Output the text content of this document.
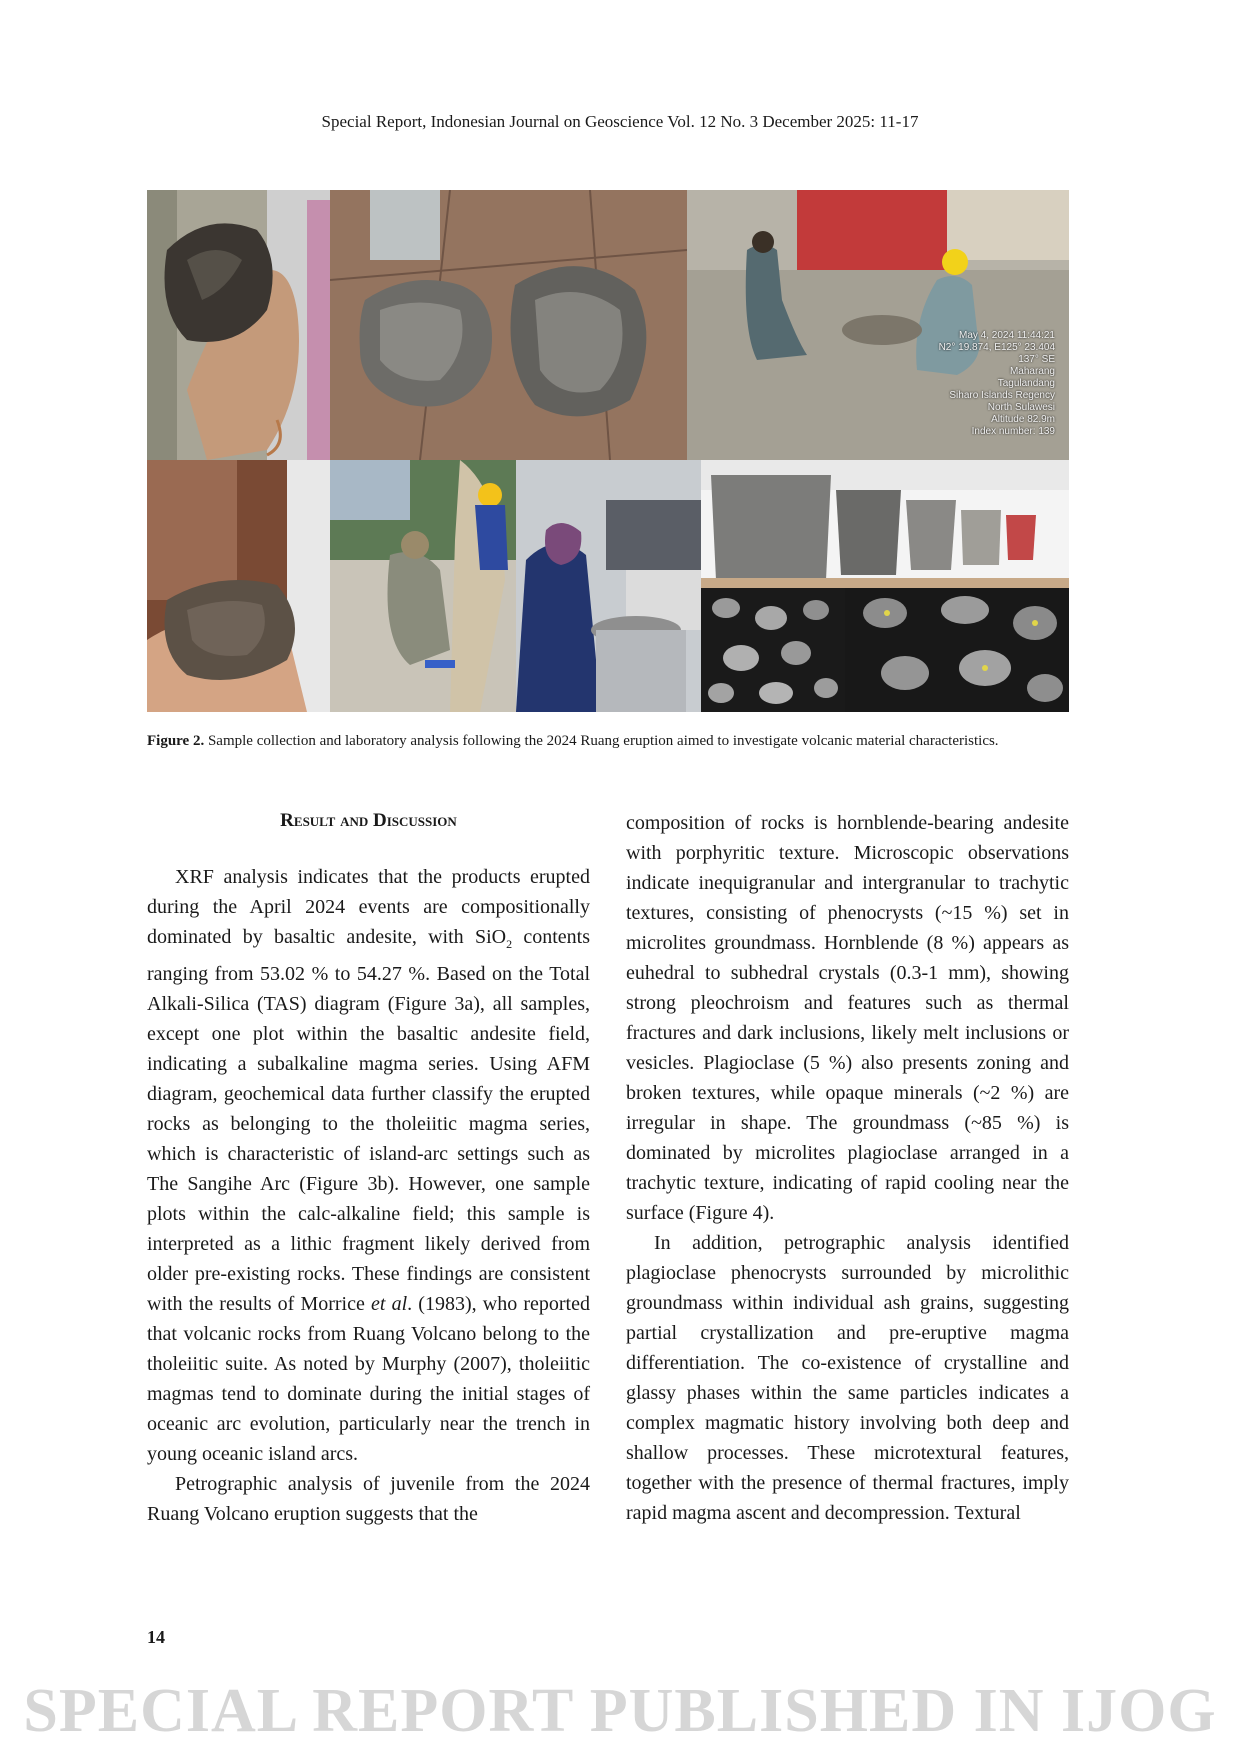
Special Report, Indonesian Journal on Geoscience Vol. 12 No. 3 December 2025: 11-17
May 4, 2024 11:44:21
N2° 19.874, E125° 23.404
137° SE
Maharang
Tagulandang
Siharo Islands Regency
North Sulawesi
Altitude 82.9m
Index number: 139
Figure 2. Sample collection and laboratory analysis following the 2024 Ruang eruption aimed to investigate volcanic material characteristics.

Result and Discussion

XRF analysis indicates that the products erupted during the April 2024 events are compositionally dominated by basaltic andesite, with SiO$_2$ contents ranging from 53.02 % to 54.27 %. Based on the Total Alkali-Silica (TAS) diagram (Figure 3a), all samples, except one plot within the basaltic andesite field, indicating a subalkaline magma series. Using AFM diagram, geochemical data further classify the erupted rocks as belonging to the tholeiitic magma series, which is characteristic of island-arc settings such as The Sangihe Arc (Figure 3b). However, one sample plots within the calc-alkaline field; this sample is interpreted as a lithic fragment likely derived from older pre-existing rocks. These findings are consistent with the results of Morrice et al. (1983), who reported that volcanic rocks from Ruang Volcano belong to the tholeiitic suite. As noted by Murphy (2007), tholeiitic magmas tend to dominate during the initial stages of oceanic arc evolution, particularly near the trench in young oceanic island arcs.

Petrographic analysis of juvenile from the 2024 Ruang Volcano eruption suggests that the

composition of rocks is hornblende-bearing andesite with porphyritic texture. Microscopic observations indicate inequigranular and intergranular to trachytic textures, consisting of phenocrysts (~15 %) set in microlites groundmass. Hornblende (8 %) appears as euhedral to subhedral crystals (0.3-1 mm), showing strong pleochroism and features such as thermal fractures and dark inclusions, likely melt inclusions or vesicles. Plagioclase (5 %) also presents zoning and broken textures, while opaque minerals (~2 %) are irregular in shape. The groundmass (~85 %) is dominated by microlites plagioclase arranged in a trachytic texture, indicating of rapid cooling near the surface (Figure 4).

In addition, petrographic analysis identified plagioclase phenocrysts surrounded by microlithic groundmass within individual ash grains, suggesting partial crystallization and pre-eruptive magma differentiation. The co-existence of crystalline and glassy phases within the same particles indicates a complex magmatic history involving both deep and shallow processes. These microtextural features, together with the presence of thermal fractures, imply rapid magma ascent and decompression. Textural

14
SPECIAL REPORT PUBLISHED IN IJOG
